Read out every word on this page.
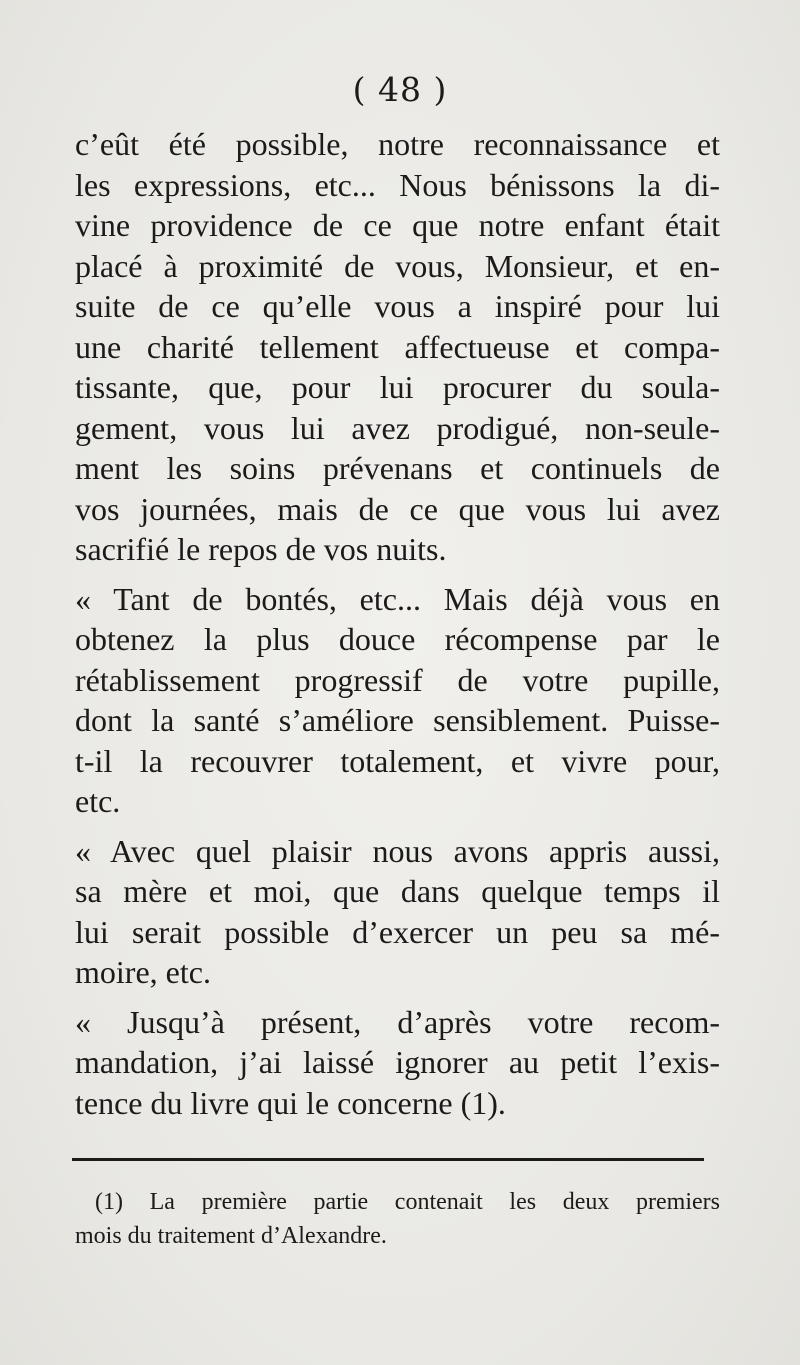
( 48 )
c’eût été possible, notre reconnaissance et
les expressions, etc... Nous bénissons la di-
vine providence de ce que notre enfant était
placé à proximité de vous, Monsieur, et en-
suite de ce qu’elle vous a inspiré pour lui
une charité tellement affectueuse et compa-
tissante, que, pour lui procurer du soula-
gement, vous lui avez prodigué, non-seule-
ment les soins prévenans et continuels de
vos journées, mais de ce que vous lui avez
sacrifié le repos de vos nuits.
« Tant de bontés, etc... Mais déjà vous en
obtenez la plus douce récompense par le
rétablissement progressif de votre pupille,
dont la santé s’améliore sensiblement. Puisse-
t-il la recouvrer totalement, et vivre pour,
etc.
« Avec quel plaisir nous avons appris aussi,
sa mère et moi, que dans quelque temps il
lui serait possible d’exercer un peu sa mé-
moire, etc.
« Jusqu’à présent, d’après votre recom-
mandation, j’ai laissé ignorer au petit l’exis-
tence du livre qui le concerne (1).
(1) La première partie contenait les deux premiers
mois du traitement d’Alexandre.
